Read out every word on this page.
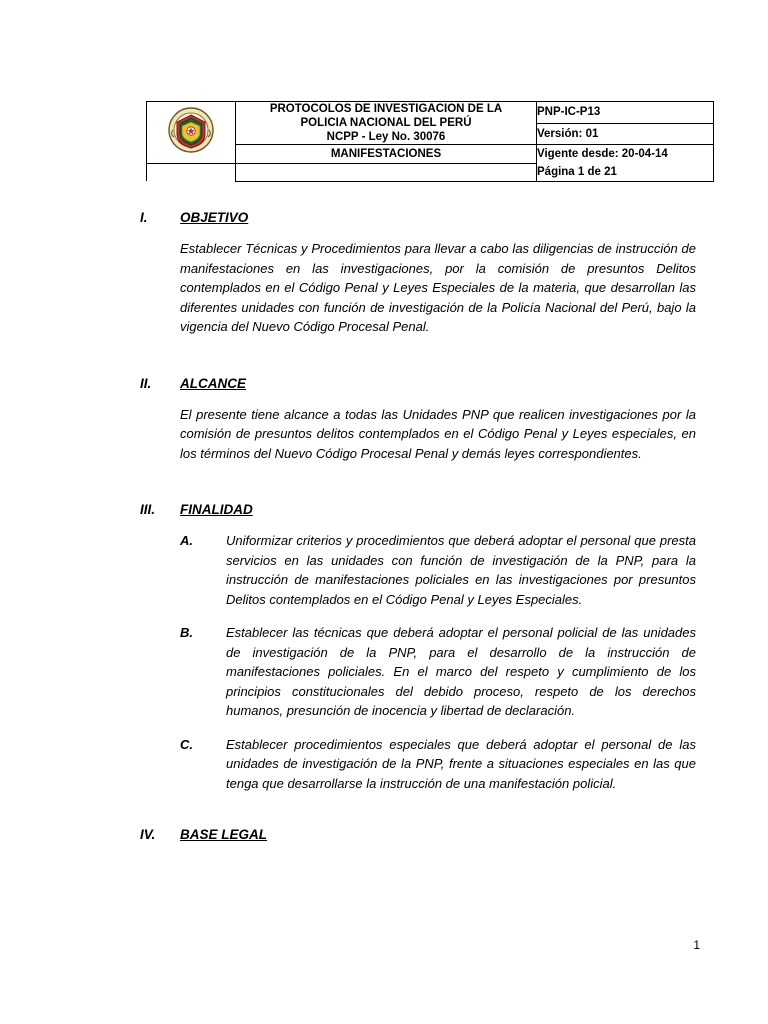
PROTOCOLOS DE INVESTIGACION DE LA
POLICIA NACIONAL DEL PERÚ
NCPP - Ley No. 30076	PNP-IC-P13
		Versión: 01
	MANIFESTACIONES	Vigente desde: 20-04-14
		Página 1 de 21
I.	OBJETIVO

Establecer Técnicas y Procedimientos para llevar a cabo las diligencias de instrucción de manifestaciones en las investigaciones, por la comisión de presuntos Delitos contemplados en el Código Penal y Leyes Especiales de la materia, que desarrollan las diferentes unidades con función de investigación de la Policía Nacional del Perú, bajo la vigencia del Nuevo Código Procesal Penal.

II.	ALCANCE

El presente tiene alcance a todas las Unidades PNP que realicen investigaciones por la comisión de presuntos delitos contemplados en el Código Penal y Leyes especiales, en los términos del Nuevo Código Procesal Penal y demás leyes correspondientes.

III.	FINALIDAD
A.	Uniformizar criterios y procedimientos que deberá adoptar el personal que presta servicios en las unidades con función de investigación de la PNP, para la instrucción de manifestaciones policiales en las investigaciones por presuntos Delitos contemplados en el Código Penal y Leyes Especiales.
B.	Establecer las técnicas que deberá adoptar el personal policial de las unidades de investigación de la PNP, para el desarrollo de la instrucción de manifestaciones policiales. En el marco del respeto y cumplimiento de los principios constitucionales del debido proceso, respeto de los derechos humanos, presunción de inocencia y libertad de declaración.
C.	Establecer procedimientos especiales que deberá adoptar el personal de las unidades de investigación de la PNP, frente a situaciones especiales en las que tenga que desarrollarse la instrucción de una manifestación policial.
IV.	BASE LEGAL
1
